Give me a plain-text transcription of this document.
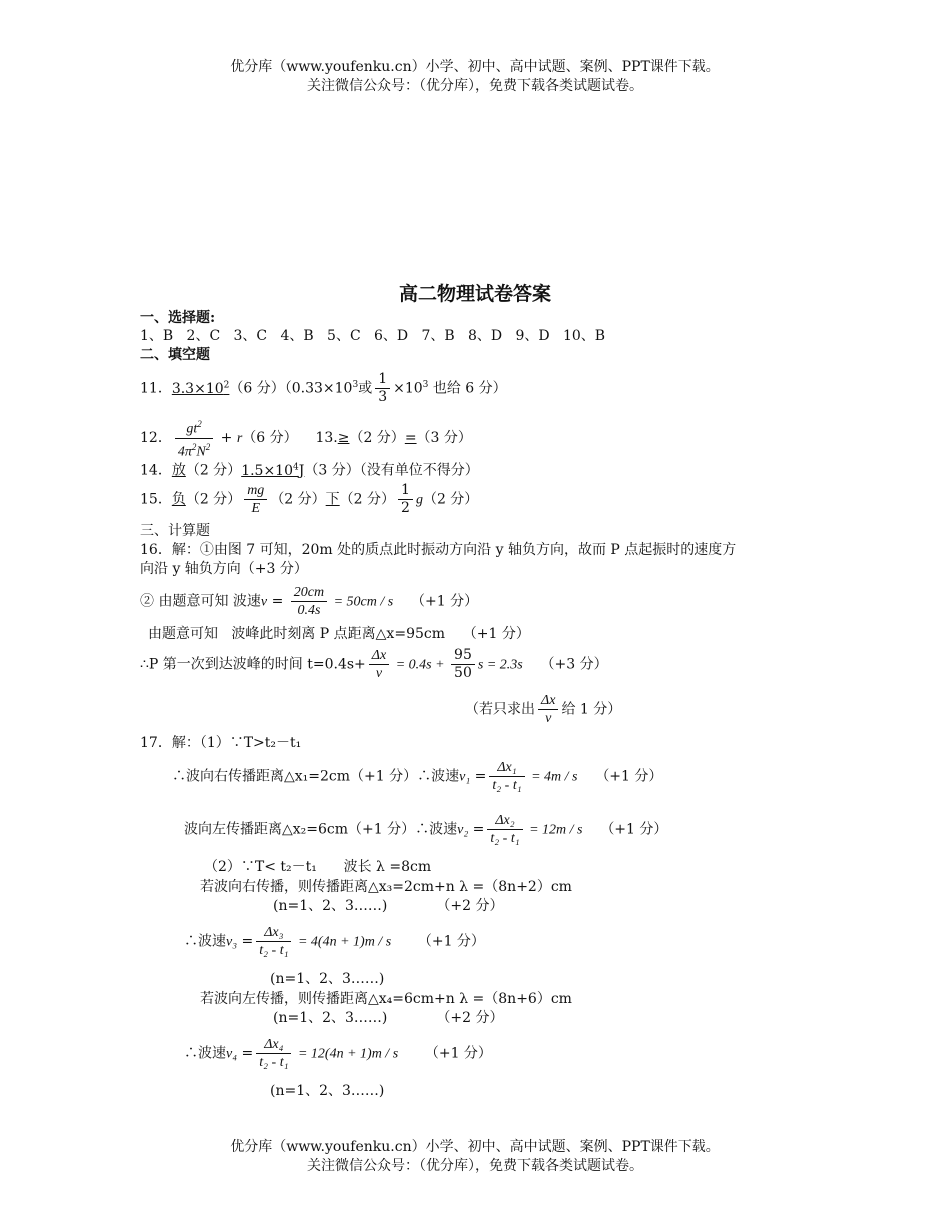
优分库（www.youfenku.cn）小学、初中、高中试题、案例、PPT课件下载。
关注微信公众号：（优分库），免费下载各类试题试卷。
高二物理试卷答案
一、选择题:
1、B   2、C   3、C   4、B   5、C   6、D   7、B   8、D   9、D   10、B
二、填空题
11．$3.3\times 10^2(6$ 分）（$0.33\times 10^3$或 $\frac{1}{3} \times 10^3$ 也给 6 分）
12． $\frac{gt^2}{4\pi^2N^2} + r(6$ 分） 13.≥（2 分）=（3 分）
14．放（2 分）$1.5\times 10^4J(3$ 分）（没有单位不得分）
15．负（2 分） $\frac{mg}{E} (2$ 分）下（2 分） $\frac{1}{2} g(2$ 分）
三、计算题
16．解：①由图 7 可知，20m 处的质点此时振动方向沿 y 轴负方向，故而 P 点起振时的速度方
向沿 y 轴负方向（+3 分）
② 由题意可知 波速$v = \frac{20cm}{0.4s} = 50cm / s$ （+1 分）
由题意可知   波峰此时刻离 P 点距离△x=95cm    （+1 分）
∴P 第一次到达波峰的时间 $t=0.4s+ \frac{\Delta x}{v} = 0.4s + \frac{95}{50}$ s = 2.3s （+3 分）
（若只求出 $\frac{\Delta x}{v}$ 给 1 分）
17．解：（1）∵T>t₂－t₁
∴波向右传播距离△x₁=2cm（+1 分）∴波速$v_1 = \frac{\text{Δx₁}}{\text{t₂ - t₁}} = 4m / s$ （+1 分）
波向左传播距离△x₂=6cm（+1 分）∴波速$v_2 = \frac{\text{Δx₂}}{\text{t₂ - t₁}} = 12m / s$ （+1 分）
（2）∵T< t₂－t₁      波长 λ =8cm
若波向右传播，则传播距离△x₃=2cm+n λ =（8n+2）cm
(n=1、2、3……)	（+2 分）
∴波速$v_3 = \frac{\text{Δx₃}}{\text{t₂ - t₁}} = 4(4n + 1)m / s$ （+1 分）
(n=1、2、3……)
若波向左传播，则传播距离△x₄=6cm+n λ =（8n+6）cm
(n=1、2、3……)	（+2 分）
∴波速$v_4 = \frac{\text{Δx₄}}{\text{t₂ - t₁}} = 12(4n + 1)m / s$ （+1 分）
(n=1、2、3……)
优分库（www.youfenku.cn）小学、初中、高中试题、案例、PPT课件下载。
关注微信公众号：（优分库），免费下载各类试题试卷。
